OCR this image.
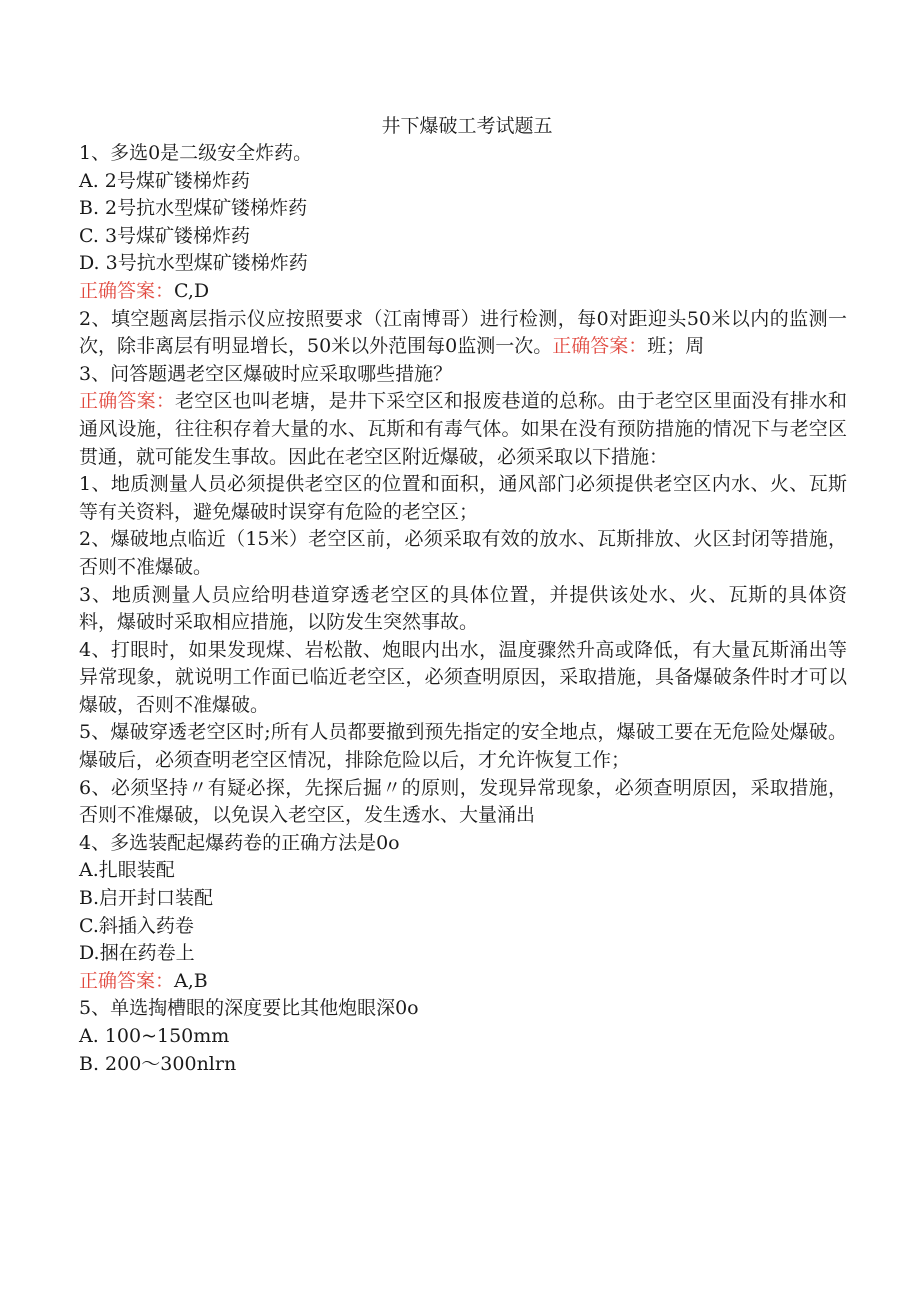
井下爆破工考试题五
1、多选0是二级安全炸药。
A. 2号煤矿镂梯炸药
B. 2号抗水型煤矿镂梯炸药
C. 3号煤矿镂梯炸药
D. 3号抗水型煤矿镂梯炸药
正确答案：C,D
2、填空题离层指示仪应按照要求（江南博哥）进行检测，每0对距迎头50米以内的监测一次，除非离层有明显增长，50米以外范围每0监测一次。正确答案：班；周
3、问答题遇老空区爆破时应采取哪些措施？
正确答案：老空区也叫老塘，是井下采空区和报废巷道的总称。由于老空区里面没有排水和通风设施，往往积存着大量的水、瓦斯和有毒气体。如果在没有预防措施的情况下与老空区贯通，就可能发生事故。因此在老空区附近爆破，必须采取以下措施：
1、地质测量人员必须提供老空区的位置和面积，通风部门必须提供老空区内水、火、瓦斯等有关资料，避免爆破时误穿有危险的老空区；
2、爆破地点临近（15米）老空区前，必须采取有效的放水、瓦斯排放、火区封闭等措施，否则不准爆破。
3、地质测量人员应给明巷道穿透老空区的具体位置，并提供该处水、火、瓦斯的具体资料，爆破时采取相应措施，以防发生突然事故。
4、打眼时，如果发现煤、岩松散、炮眼内出水，温度骤然升高或降低，有大量瓦斯涌出等异常现象，就说明工作面已临近老空区，必须查明原因，采取措施，具备爆破条件时才可以爆破，否则不准爆破。
5、爆破穿透老空区时;所有人员都要撤到预先指定的安全地点，爆破工要在无危险处爆破。爆破后，必须查明老空区情况，排除危险以后，才允许恢复工作；
6、必须坚持〃有疑必探，先探后掘〃的原则，发现异常现象，必须查明原因，采取措施，否则不准爆破，以免误入老空区，发生透水、大量涌出
4、多选装配起爆药卷的正确方法是0o
A.扎眼装配
B.启开封口装配
C.斜插入药卷
D.捆在药卷上
正确答案：A,B
5、单选掏槽眼的深度要比其他炮眼深0o
A. 100~150mm
B. 200～300nlrn
